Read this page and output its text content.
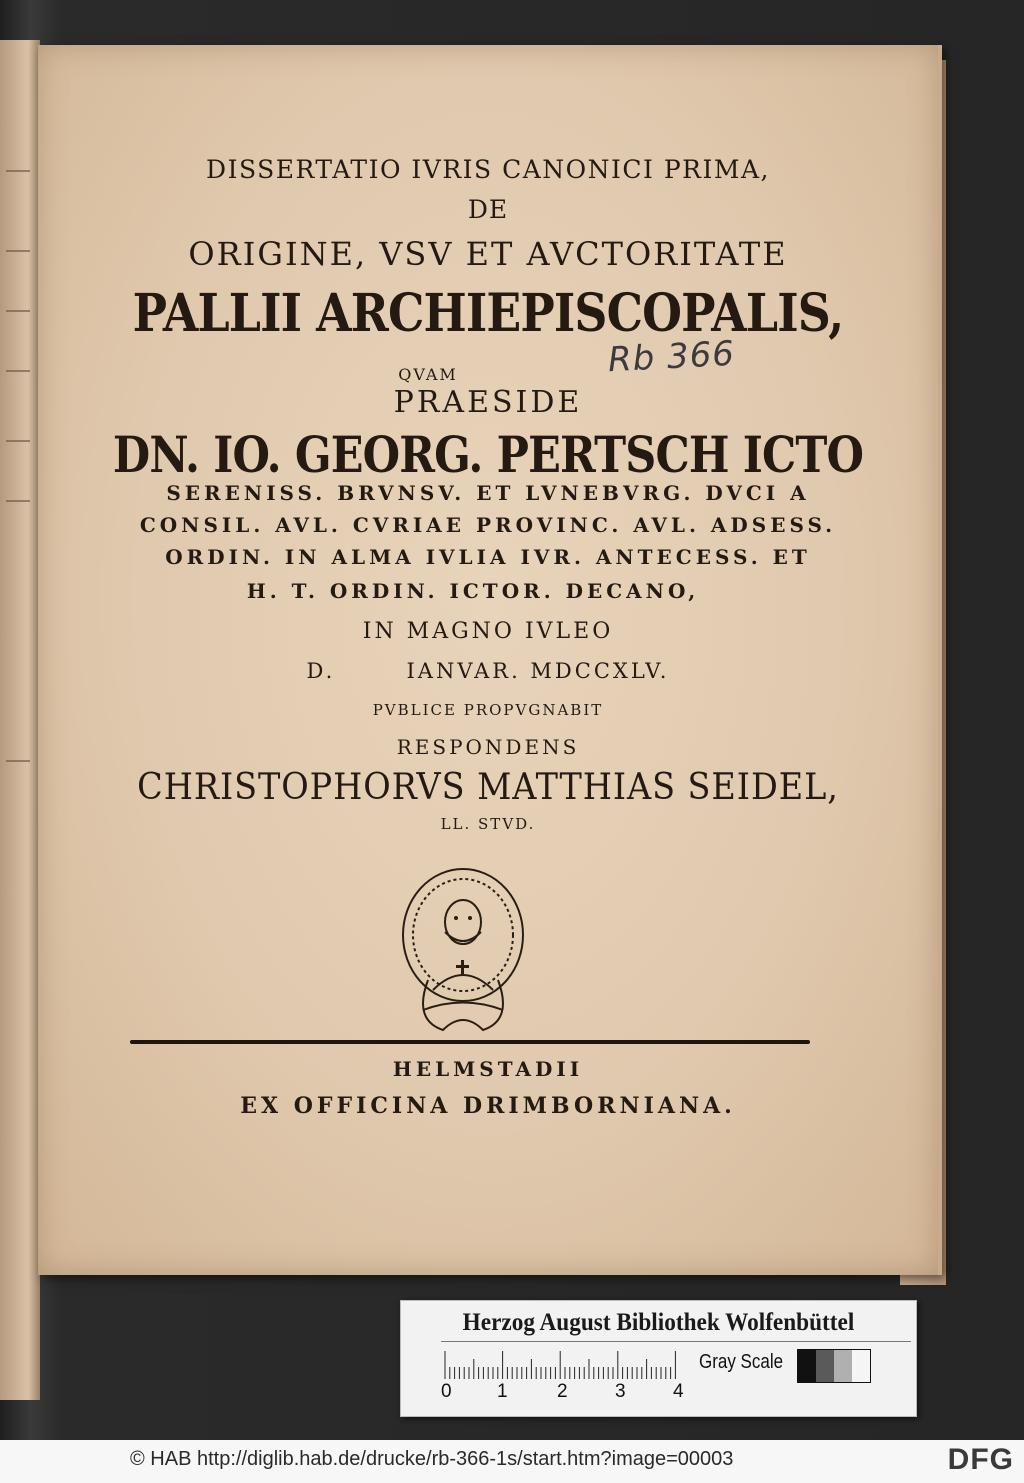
DISSERTATIO IVRIS CANONICI PRIMA,
DE
ORIGINE, VSV ET AVCTORITATE
PALLII ARCHIEPISCOPALIS,
QVAM	Rb 366
PRAESIDE
DN. IO. GEORG. PERTSCH ICTO
SERENISS. BRVNSV. ET LVNEBVRG. DVCI A
CONSIL. AVL. CVRIAE PROVINC. AVL. ADSESS.
ORDIN. IN ALMA IVLIA IVR. ANTECESS. ET
H. T. ORDIN. ICTOR. DECANO,
IN MAGNO IVLEO
D.	IANVAR. MDCCXLV.
PVBLICE PROPVGNABIT
RESPONDENS
CHRISTOPHORVS MATTHIAS SEIDEL,
LL. STVD.
HELMSTADII
EX OFFICINA DRIMBORNIANA.
Herzog August Bibliothek Wolfenbüttel
0 1	2 3 4
Gray Scale
© HAB http://diglib.hab.de/drucke/rb-366-1s/start.htm?image=00003	DFG
